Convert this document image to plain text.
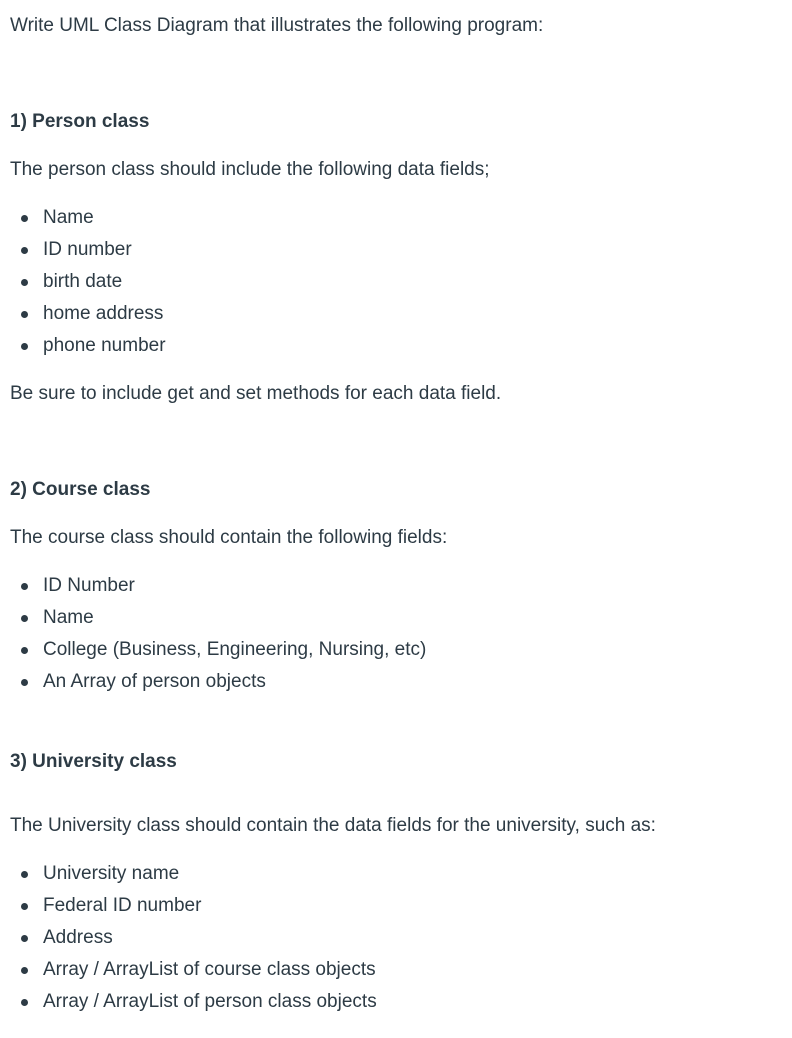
Write UML Class Diagram that illustrates the following program:

1) Person class

The person class should include the following data fields;

Name
ID number
birth date
home address
phone number

Be sure to include get and set methods for each data field.

2) Course class

The course class should contain the following fields:

ID Number
Name
College (Business, Engineering, Nursing, etc)
An Array of person objects

3) University class

The University class should contain the data fields for the university, such as:

University name
Federal ID number
Address
Array / ArrayList of course class objects
Array / ArrayList of person class objects
